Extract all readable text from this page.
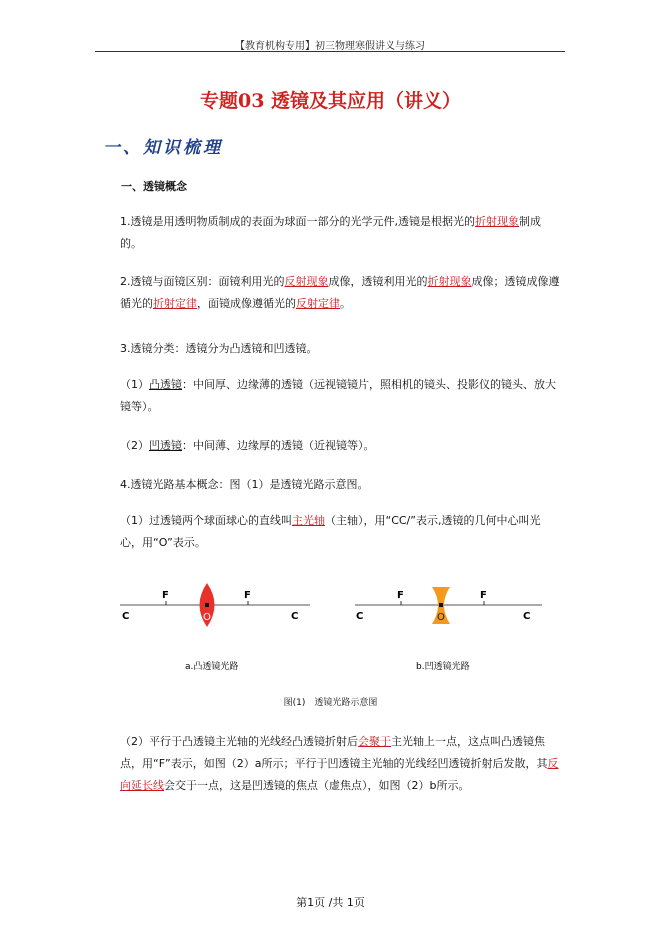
【教育机构专用】初三物理寒假讲义与练习
专题03 透镜及其应用（讲义）
一、知识梳理
一、透镜概念

1.透镜是用透明物质制成的表面为球面一部分的光学元件,透镜是根据光的折射现象制成的。

2.透镜与面镜区别：面镜利用光的反射现象成像，透镜利用光的折射现象成像；透镜成像遵循光的折射定律，面镜成像遵循光的反射定律。

3.透镜分类：透镜分为凸透镜和凹透镜。

（1）凸透镜：中间厚、边缘薄的透镜（远视镜镜片，照相机的镜头、投影仪的镜头、放大镜等）。

（2）凹透镜：中间薄、边缘厚的透镜（近视镜等）。

4.透镜光路基本概念：图（1）是透镜光路示意图。

（1）过透镜两个球面球心的直线叫主光轴（主轴），用“CC/”表示,透镜的几何中心叫光心，用“O”表示。

F	F
C	C
O
a.凸透镜光路
F	F
C	C
O
b.凹透镜光路
图(1)　透镜光路示意图

（2）平行于凸透镜主光轴的光线经凸透镜折射后会聚于主光轴上一点，这点叫凸透镜焦点，用“F”表示，如图（2）a所示；平行于凹透镜主光轴的光线经凹透镜折射后发散，其反向延长线会交于一点，这是凹透镜的焦点（虚焦点），如图（2）b所示。

第1页 /共 1页
